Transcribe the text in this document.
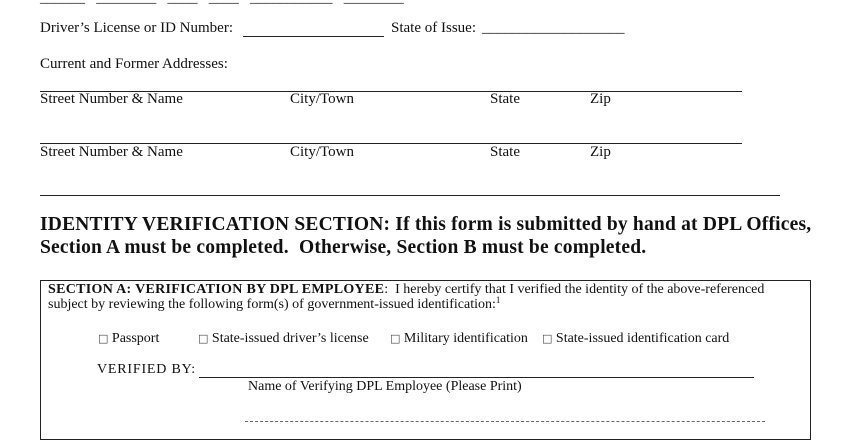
Driver’s License or ID Number:	State of Issue: ___________________
Current and Former Addresses:
Street Number & Name	City/Town	State	Zip
Street Number & Name	City/Town	State	Zip
IDENTITY VERIFICATION SECTION: If this form is submitted by hand at DPL Offices,
Section A must be completed.  Otherwise, Section B must be completed.
SECTION A: VERIFICATION BY DPL EMPLOYEE:  I hereby certify that I verified the identity of the above-referenced
subject by reviewing the following form(s) of government-issued identification:$^1$
□ Passport	□ State-issued driver’s license □ Military identification □ State-issued identification card
VERIFIED BY:
Name of Verifying DPL Employee (Please Print)
